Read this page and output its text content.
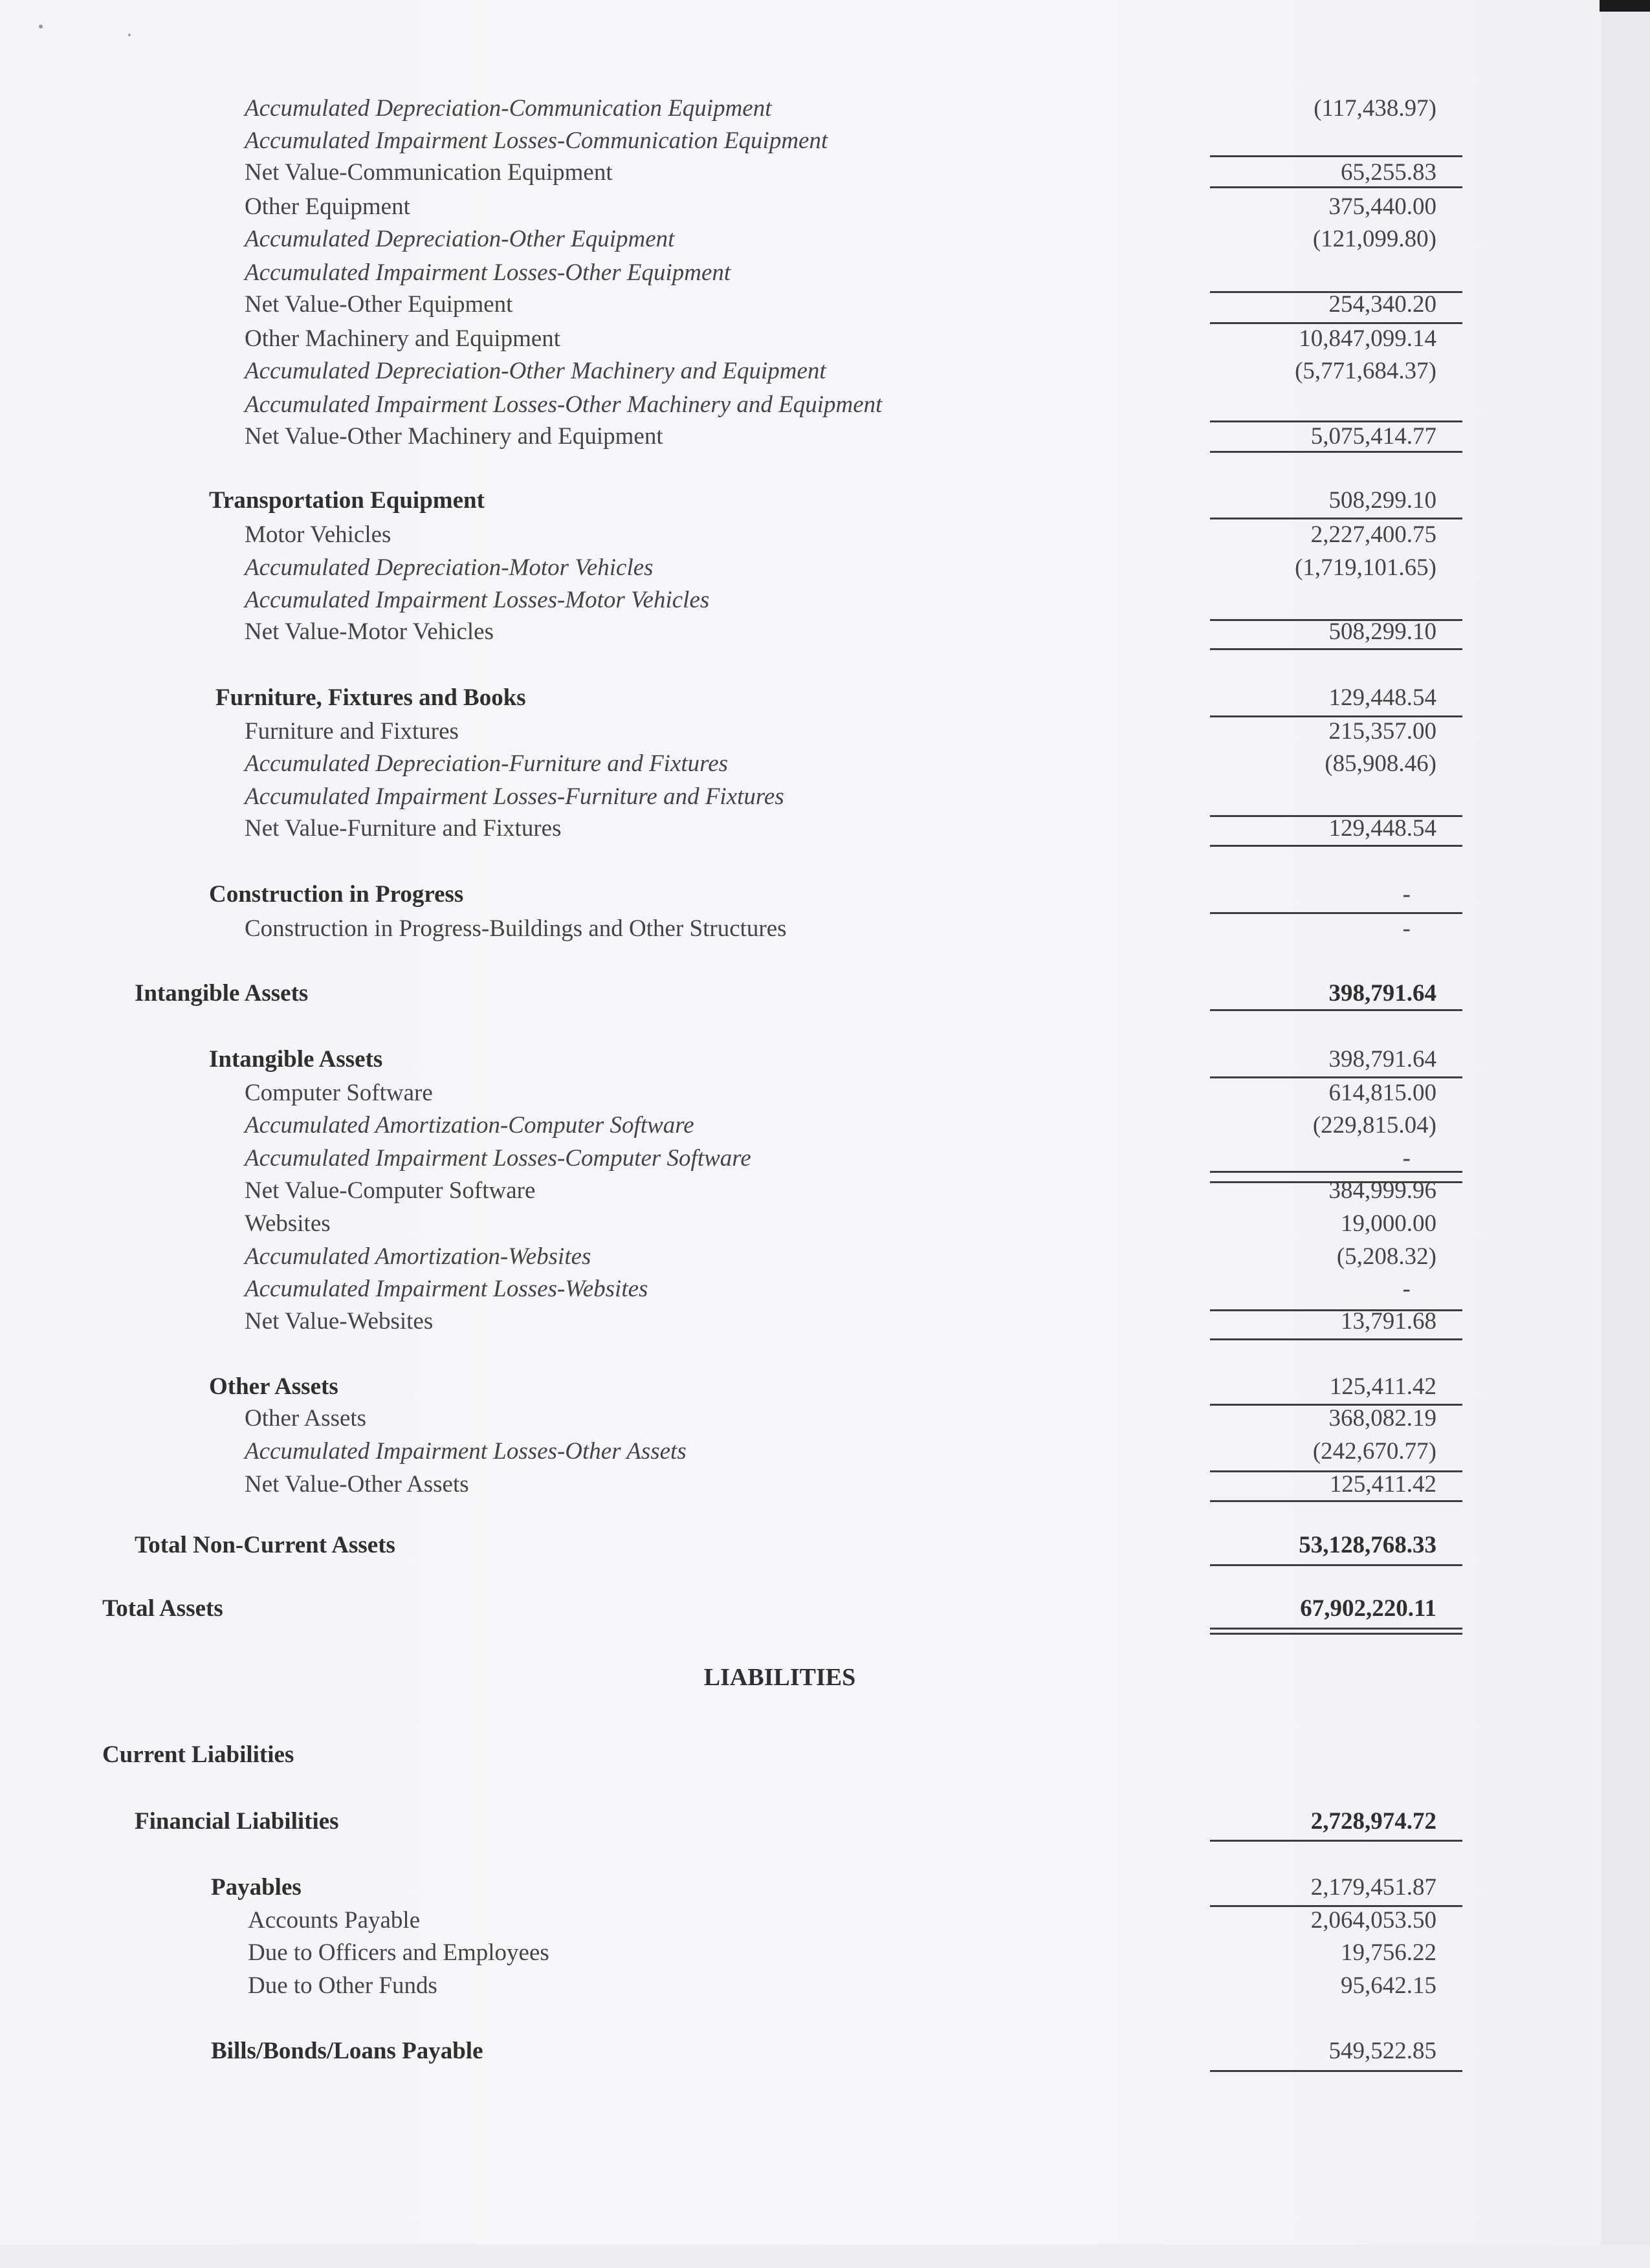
Accumulated Depreciation-Communication Equipment	(117,438.97)
Accumulated Impairment Losses-Communication Equipment
Net Value-Communication Equipment	65,255.83
Other Equipment	375,440.00
Accumulated Depreciation-Other Equipment	(121,099.80)
Accumulated Impairment Losses-Other Equipment
Net Value-Other Equipment	254,340.20
Other Machinery and Equipment	10,847,099.14
Accumulated Depreciation-Other Machinery and Equipment	(5,771,684.37)
Accumulated Impairment Losses-Other Machinery and Equipment
Net Value-Other Machinery and Equipment	5,075,414.77
Transportation Equipment	508,299.10
Motor Vehicles	2,227,400.75
Accumulated Depreciation-Motor Vehicles	(1,719,101.65)
Accumulated Impairment Losses-Motor Vehicles
Net Value-Motor Vehicles	508,299.10
Furniture, Fixtures and Books	129,448.54
Furniture and Fixtures	215,357.00
Accumulated Depreciation-Furniture and Fixtures	(85,908.46)
Accumulated Impairment Losses-Furniture and Fixtures
Net Value-Furniture and Fixtures	129,448.54
Construction in Progress	-
Construction in Progress-Buildings and Other Structures	-
Intangible Assets	398,791.64
Intangible Assets	398,791.64
Computer Software	614,815.00
Accumulated Amortization-Computer Software	(229,815.04)
Accumulated Impairment Losses-Computer Software	-
Net Value-Computer Software	384,999.96
Websites	19,000.00
Accumulated Amortization-Websites	(5,208.32)
Accumulated Impairment Losses-Websites	-
Net Value-Websites	13,791.68
Other Assets	125,411.42
Other Assets	368,082.19
Accumulated Impairment Losses-Other Assets	(242,670.77)
Net Value-Other Assets	125,411.42
Total Non-Current Assets	53,128,768.33
Total Assets	67,902,220.11
Current Liabilities
Financial Liabilities	2,728,974.72
Payables	2,179,451.87
Accounts Payable	2,064,053.50
Due to Officers and Employees	19,756.22
Due to Other Funds	95,642.15
Bills/Bonds/Loans Payable	549,522.85
LIABILITIES
